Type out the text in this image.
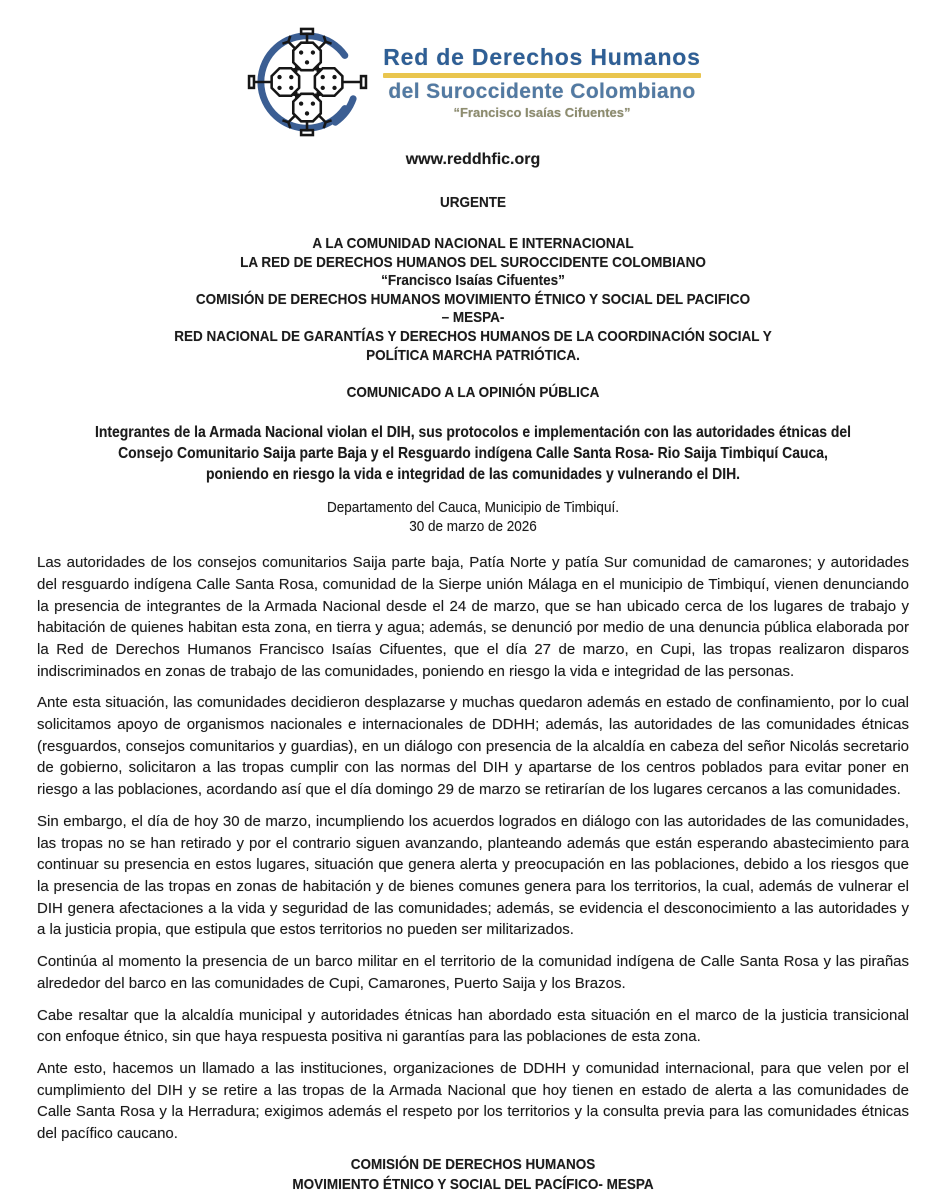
Red de Derechos Humanos
del Suroccidente Colombiano
“Francisco Isaías Cifuentes”
www.reddhfic.org
URGENTE
A LA COMUNIDAD NACIONAL E INTERNACIONAL
LA RED DE DERECHOS HUMANOS DEL SUROCCIDENTE COLOMBIANO
“Francisco Isaías Cifuentes”
COMISIÓN DE DERECHOS HUMANOS MOVIMIENTO ÉTNICO Y SOCIAL DEL PACIFICO
– MESPA-
RED NACIONAL DE GARANTÍAS Y DERECHOS HUMANOS DE LA COORDINACIÓN SOCIAL Y
POLÍTICA MARCHA PATRIÓTICA.
COMUNICADO A LA OPINIÓN PÚBLICA
Integrantes de la Armada Nacional violan el DIH, sus protocolos e implementación con las autoridades étnicas del Consejo Comunitario Saija parte Baja y el Resguardo indígena Calle Santa Rosa- Rio Saija Timbiquí Cauca, poniendo en riesgo la vida e integridad de las comunidades y vulnerando el DIH.
Departamento del Cauca, Municipio de Timbiquí.
30 de marzo de 2026

Las autoridades de los consejos comunitarios Saija parte baja, Patía Norte y patía Sur comunidad de camarones; y autoridades del resguardo indígena Calle Santa Rosa, comunidad de la Sierpe unión Málaga en el municipio de Timbiquí, vienen denunciando la presencia de integrantes de la Armada Nacional desde el 24 de marzo, que se han ubicado cerca de los lugares de trabajo y habitación de quienes habitan esta zona, en tierra y agua; además, se denunció por medio de una denuncia pública elaborada por la Red de Derechos Humanos Francisco Isaías Cifuentes, que el día 27 de marzo, en Cupi, las tropas realizaron disparos indiscriminados en zonas de trabajo de las comunidades, poniendo en riesgo la vida e integridad de las personas.

Ante esta situación, las comunidades decidieron desplazarse y muchas quedaron además en estado de confinamiento, por lo cual solicitamos apoyo de organismos nacionales e internacionales de DDHH; además, las autoridades de las comunidades étnicas (resguardos, consejos comunitarios y guardias), en un diálogo con presencia de la alcaldía en cabeza del señor Nicolás secretario de gobierno, solicitaron a las tropas cumplir con las normas del DIH y apartarse de los centros poblados para evitar poner en riesgo a las poblaciones, acordando así que el día domingo 29 de marzo se retirarían de los lugares cercanos a las comunidades.

Sin embargo, el día de hoy 30 de marzo, incumpliendo los acuerdos logrados en diálogo con las autoridades de las comunidades, las tropas no se han retirado y por el contrario siguen avanzando, planteando además que están esperando abastecimiento para continuar su presencia en estos lugares, situación que genera alerta y preocupación en las poblaciones, debido a los riesgos que la presencia de las tropas en zonas de habitación y de bienes comunes genera para los territorios, la cual, además de vulnerar el DIH genera afectaciones a la vida y seguridad de las comunidades; además, se evidencia el desconocimiento a las autoridades y a la justicia propia, que estipula que estos territorios no pueden ser militarizados.

Continúa al momento la presencia de un barco militar en el territorio de la comunidad indígena de Calle Santa Rosa y las pirañas alrededor del barco en las comunidades de Cupi, Camarones, Puerto Saija y los Brazos.

Cabe resaltar que la alcaldía municipal y autoridades étnicas han abordado esta situación en el marco de la justicia transicional con enfoque étnico, sin que haya respuesta positiva ni garantías para las poblaciones de esta zona.

Ante esto, hacemos un llamado a las instituciones, organizaciones de DDHH y comunidad internacional, para que velen por el cumplimiento del DIH y se retire a las tropas de la Armada Nacional que hoy tienen en estado de alerta a las comunidades de Calle Santa Rosa y la Herradura; exigimos además el respeto por los territorios y la consulta previa para las comunidades étnicas del pacífico caucano.

COMISIÓN DE DERECHOS HUMANOS
MOVIMIENTO ÉTNICO Y SOCIAL DEL PACÍFICO- MESPA
